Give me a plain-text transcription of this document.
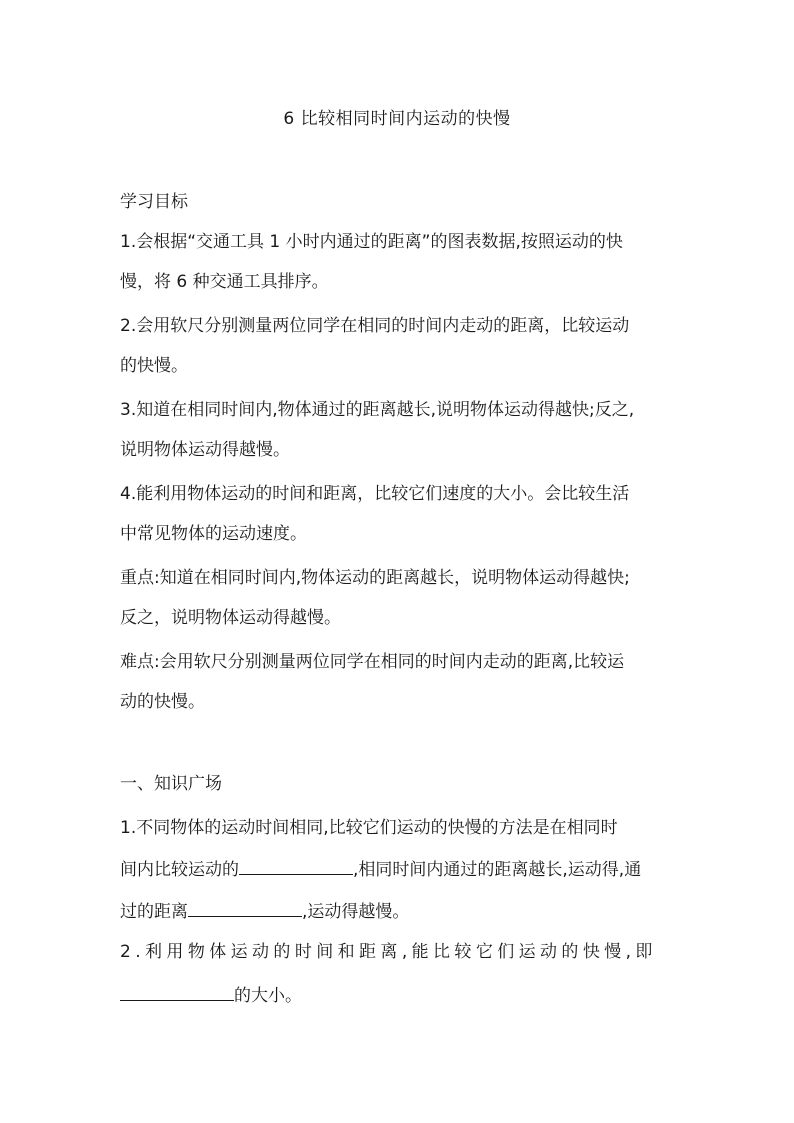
6 比较相同时间内运动的快慢
学习目标
1.会根据“交通工具 1 小时内通过的距离”的图表数据,按照运动的快
慢，将 6 种交通工具排序。
2.会用软尺分别测量两位同学在相同的时间内走动的距离，比较运动
的快慢。
3.知道在相同时间内,物体通过的距离越长,说明物体运动得越快;反之,
说明物体运动得越慢。
4.能利用物体运动的时间和距离，比较它们速度的大小。会比较生活
中常见物体的运动速度。
重点:知道在相同时间内,物体运动的距离越长，说明物体运动得越快;
反之，说明物体运动得越慢。
难点:会用软尺分别测量两位同学在相同的时间内走动的距离,比较运
动的快慢。
一、知识广场
1.不同物体的运动时间相同,比较它们运动的快慢的方法是在相同时
间内比较运动的	,相同时间内通过的距离越长,运动得,通
过的距离	,运动得越慢。
2.利用物体运动的时间和距离,能比较它们运动的快慢,即
的大小。
